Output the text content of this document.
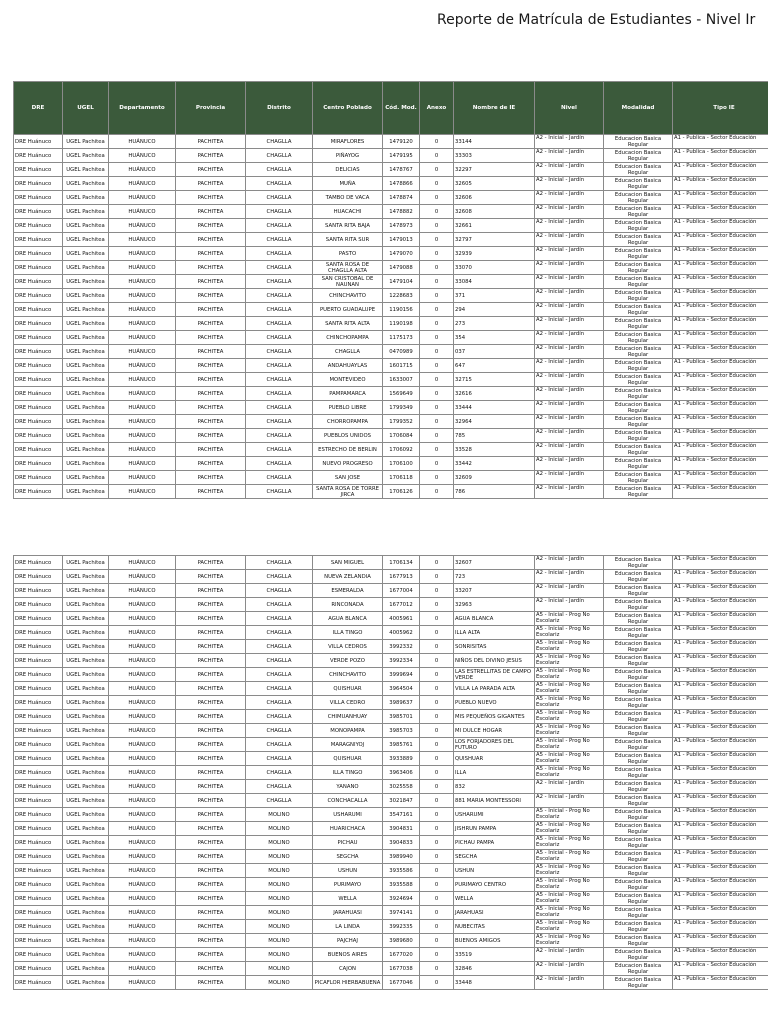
Reporte de Matrícula de Estudiantes - Nivel Ir
DRE	UGEL	Departamento	Provincia	Distrito	Centro Poblado	Cód. Mod.	Anexo	Nombre de IE	Nivel	Modalidad	Tipo IE
DRE Huánuco	UGEL Pachitea	HUÁNUCO	PACHITEA	CHAGLLA	MIRAFLORES	1479120	0	33144	A2 - Inicial - Jardín	Educacion Basica Regular	A1 - Publica - Sector Educación
DRE Huánuco	UGEL Pachitea	HUÁNUCO	PACHITEA	CHAGLLA	PIÑAYOG	1479195	0	33303	A2 - Inicial - Jardín	Educacion Basica Regular	A1 - Publica - Sector Educación
DRE Huánuco	UGEL Pachitea	HUÁNUCO	PACHITEA	CHAGLLA	DELICIAS	1478767	0	32297	A2 - Inicial - Jardín	Educacion Basica Regular	A1 - Publica - Sector Educación
DRE Huánuco	UGEL Pachitea	HUÁNUCO	PACHITEA	CHAGLLA	MUÑA	1478866	0	32605	A2 - Inicial - Jardín	Educacion Basica Regular	A1 - Publica - Sector Educación
DRE Huánuco	UGEL Pachitea	HUÁNUCO	PACHITEA	CHAGLLA	TAMBO DE VACA	1478874	0	32606	A2 - Inicial - Jardín	Educacion Basica Regular	A1 - Publica - Sector Educación
DRE Huánuco	UGEL Pachitea	HUÁNUCO	PACHITEA	CHAGLLA	HUACACHI	1478882	0	32608	A2 - Inicial - Jardín	Educacion Basica Regular	A1 - Publica - Sector Educación
DRE Huánuco	UGEL Pachitea	HUÁNUCO	PACHITEA	CHAGLLA	SANTA RITA BAJA	1478973	0	32661	A2 - Inicial - Jardín	Educacion Basica Regular	A1 - Publica - Sector Educación
DRE Huánuco	UGEL Pachitea	HUÁNUCO	PACHITEA	CHAGLLA	SANTA RITA SUR	1479013	0	32797	A2 - Inicial - Jardín	Educacion Basica Regular	A1 - Publica - Sector Educación
DRE Huánuco	UGEL Pachitea	HUÁNUCO	PACHITEA	CHAGLLA	PASTO	1479070	0	32939	A2 - Inicial - Jardín	Educacion Basica Regular	A1 - Publica - Sector Educación
DRE Huánuco	UGEL Pachitea	HUÁNUCO	PACHITEA	CHAGLLA	SANTA ROSA DE CHAGLLA ALTA	1479088	0	33070	A2 - Inicial - Jardín	Educacion Basica Regular	A1 - Publica - Sector Educación
DRE Huánuco	UGEL Pachitea	HUÁNUCO	PACHITEA	CHAGLLA	SAN CRISTOBAL DE NAUNAN	1479104	0	33084	A2 - Inicial - Jardín	Educacion Basica Regular	A1 - Publica - Sector Educación
DRE Huánuco	UGEL Pachitea	HUÁNUCO	PACHITEA	CHAGLLA	CHINCHAVITO	1228683	0	371	A2 - Inicial - Jardín	Educacion Basica Regular	A1 - Publica - Sector Educación
DRE Huánuco	UGEL Pachitea	HUÁNUCO	PACHITEA	CHAGLLA	PUERTO GUADALUPE	1190156	0	294	A2 - Inicial - Jardín	Educacion Basica Regular	A1 - Publica - Sector Educación
DRE Huánuco	UGEL Pachitea	HUÁNUCO	PACHITEA	CHAGLLA	SANTA RITA ALTA	1190198	0	273	A2 - Inicial - Jardín	Educacion Basica Regular	A1 - Publica - Sector Educación
DRE Huánuco	UGEL Pachitea	HUÁNUCO	PACHITEA	CHAGLLA	CHINCHOPAMPA	1175173	0	354	A2 - Inicial - Jardín	Educacion Basica Regular	A1 - Publica - Sector Educación
DRE Huánuco	UGEL Pachitea	HUÁNUCO	PACHITEA	CHAGLLA	CHAGLLA	0470989	0	037	A2 - Inicial - Jardín	Educacion Basica Regular	A1 - Publica - Sector Educación
DRE Huánuco	UGEL Pachitea	HUÁNUCO	PACHITEA	CHAGLLA	ANDAHUAYLAS	1601715	0	647	A2 - Inicial - Jardín	Educacion Basica Regular	A1 - Publica - Sector Educación
DRE Huánuco	UGEL Pachitea	HUÁNUCO	PACHITEA	CHAGLLA	MONTEVIDEO	1633007	0	32715	A2 - Inicial - Jardín	Educacion Basica Regular	A1 - Publica - Sector Educación
DRE Huánuco	UGEL Pachitea	HUÁNUCO	PACHITEA	CHAGLLA	PAMPAMARCA	1569649	0	32616	A2 - Inicial - Jardín	Educacion Basica Regular	A1 - Publica - Sector Educación
DRE Huánuco	UGEL Pachitea	HUÁNUCO	PACHITEA	CHAGLLA	PUEBLO LIBRE	1799349	0	33444	A2 - Inicial - Jardín	Educacion Basica Regular	A1 - Publica - Sector Educación
DRE Huánuco	UGEL Pachitea	HUÁNUCO	PACHITEA	CHAGLLA	CHORROPAMPA	1799352	0	32964	A2 - Inicial - Jardín	Educacion Basica Regular	A1 - Publica - Sector Educación
DRE Huánuco	UGEL Pachitea	HUÁNUCO	PACHITEA	CHAGLLA	PUEBLOS UNIDOS	1706084	0	785	A2 - Inicial - Jardín	Educacion Basica Regular	A1 - Publica - Sector Educación
DRE Huánuco	UGEL Pachitea	HUÁNUCO	PACHITEA	CHAGLLA	ESTRECHO DE BERLIN	1706092	0	33528	A2 - Inicial - Jardín	Educacion Basica Regular	A1 - Publica - Sector Educación
DRE Huánuco	UGEL Pachitea	HUÁNUCO	PACHITEA	CHAGLLA	NUEVO PROGRESO	1706100	0	33442	A2 - Inicial - Jardín	Educacion Basica Regular	A1 - Publica - Sector Educación
DRE Huánuco	UGEL Pachitea	HUÁNUCO	PACHITEA	CHAGLLA	SAN JOSE	1706118	0	32609	A2 - Inicial - Jardín	Educacion Basica Regular	A1 - Publica - Sector Educación
DRE Huánuco	UGEL Pachitea	HUÁNUCO	PACHITEA	CHAGLLA	SANTA ROSA DE TORRE JIRCA	1706126	0	786	A2 - Inicial - Jardín	Educacion Basica Regular	A1 - Publica - Sector Educación
DRE Huánuco	UGEL Pachitea	HUÁNUCO	PACHITEA	CHAGLLA	SAN MIGUEL	1706134	0	32607	A2 - Inicial - Jardín	Educacion Basica Regular	A1 - Publica - Sector Educación
DRE Huánuco	UGEL Pachitea	HUÁNUCO	PACHITEA	CHAGLLA	NUEVA ZELANDIA	1677913	0	723	A2 - Inicial - Jardín	Educacion Basica Regular	A1 - Publica - Sector Educación
DRE Huánuco	UGEL Pachitea	HUÁNUCO	PACHITEA	CHAGLLA	ESMERALDA	1677004	0	33207	A2 - Inicial - Jardín	Educacion Basica Regular	A1 - Publica - Sector Educación
DRE Huánuco	UGEL Pachitea	HUÁNUCO	PACHITEA	CHAGLLA	RINCONADA	1677012	0	32963	A2 - Inicial - Jardín	Educacion Basica Regular	A1 - Publica - Sector Educación
DRE Huánuco	UGEL Pachitea	HUÁNUCO	PACHITEA	CHAGLLA	AGUA BLANCA	4005961	0	AGUA BLANCA	A5 - Inicial - Prog No Escolariz	Educacion Basica Regular	A1 - Publica - Sector Educación
DRE Huánuco	UGEL Pachitea	HUÁNUCO	PACHITEA	CHAGLLA	ILLA TINGO	4005962	0	ILLA ALTA	A5 - Inicial - Prog No Escolariz	Educacion Basica Regular	A1 - Publica - Sector Educación
DRE Huánuco	UGEL Pachitea	HUÁNUCO	PACHITEA	CHAGLLA	VILLA CEDROS	3992332	0	SONRISITAS	A5 - Inicial - Prog No Escolariz	Educacion Basica Regular	A1 - Publica - Sector Educación
DRE Huánuco	UGEL Pachitea	HUÁNUCO	PACHITEA	CHAGLLA	VERDE POZO	3992334	0	NIÑOS DEL DIVINO JESUS	A5 - Inicial - Prog No Escolariz	Educacion Basica Regular	A1 - Publica - Sector Educación
DRE Huánuco	UGEL Pachitea	HUÁNUCO	PACHITEA	CHAGLLA	CHINCHAVITO	3999694	0	LAS ESTRELLITAS DE CAMPO VERDE	A5 - Inicial - Prog No Escolariz	Educacion Basica Regular	A1 - Publica - Sector Educación
DRE Huánuco	UGEL Pachitea	HUÁNUCO	PACHITEA	CHAGLLA	QUISHUAR	3964504	0	VILLA LA PARADA ALTA	A5 - Inicial - Prog No Escolariz	Educacion Basica Regular	A1 - Publica - Sector Educación
DRE Huánuco	UGEL Pachitea	HUÁNUCO	PACHITEA	CHAGLLA	VILLA CEDRO	3989637	0	PUEBLO NUEVO	A5 - Inicial - Prog No Escolariz	Educacion Basica Regular	A1 - Publica - Sector Educación
DRE Huánuco	UGEL Pachitea	HUÁNUCO	PACHITEA	CHAGLLA	CHIMUANHUAY	3985701	0	MIS PEQUEÑOS GIGANTES	A5 - Inicial - Prog No Escolariz	Educacion Basica Regular	A1 - Publica - Sector Educación
DRE Huánuco	UGEL Pachitea	HUÁNUCO	PACHITEA	CHAGLLA	MONOPAMPA	3985703	0	MI DULCE HOGAR	A5 - Inicial - Prog No Escolariz	Educacion Basica Regular	A1 - Publica - Sector Educación
DRE Huánuco	UGEL Pachitea	HUÁNUCO	PACHITEA	CHAGLLA	MARAGNIYOJ	3985761	0	LOS FORJADORES DEL FUTURO	A5 - Inicial - Prog No Escolariz	Educacion Basica Regular	A1 - Publica - Sector Educación
DRE Huánuco	UGEL Pachitea	HUÁNUCO	PACHITEA	CHAGLLA	QUISHUAR	3933889	0	QUISHUAR	A5 - Inicial - Prog No Escolariz	Educacion Basica Regular	A1 - Publica - Sector Educación
DRE Huánuco	UGEL Pachitea	HUÁNUCO	PACHITEA	CHAGLLA	ILLA TINGO	3963406	0	ILLA	A5 - Inicial - Prog No Escolariz	Educacion Basica Regular	A1 - Publica - Sector Educación
DRE Huánuco	UGEL Pachitea	HUÁNUCO	PACHITEA	CHAGLLA	YANANO	3025558	0	832	A2 - Inicial - Jardín	Educacion Basica Regular	A1 - Publica - Sector Educación
DRE Huánuco	UGEL Pachitea	HUÁNUCO	PACHITEA	CHAGLLA	CONCHACALLA	3021847	0	881 MARIA MONTESSORI	A2 - Inicial - Jardín	Educacion Basica Regular	A1 - Publica - Sector Educación
DRE Huánuco	UGEL Pachitea	HUÁNUCO	PACHITEA	MOLINO	USHARUMI	3547161	0	USHARUMI	A5 - Inicial - Prog No Escolariz	Educacion Basica Regular	A1 - Publica - Sector Educación
DRE Huánuco	UGEL Pachitea	HUÁNUCO	PACHITEA	MOLINO	HUARICHACA	3904831	0	JISHRUN PAMPA	A5 - Inicial - Prog No Escolariz	Educacion Basica Regular	A1 - Publica - Sector Educación
DRE Huánuco	UGEL Pachitea	HUÁNUCO	PACHITEA	MOLINO	PICHAU	3904833	0	PICHAU PAMPA	A5 - Inicial - Prog No Escolariz	Educacion Basica Regular	A1 - Publica - Sector Educación
DRE Huánuco	UGEL Pachitea	HUÁNUCO	PACHITEA	MOLINO	SEGCHA	3989940	0	SEGCHA	A5 - Inicial - Prog No Escolariz	Educacion Basica Regular	A1 - Publica - Sector Educación
DRE Huánuco	UGEL Pachitea	HUÁNUCO	PACHITEA	MOLINO	USHUN	3935586	0	USHUN	A5 - Inicial - Prog No Escolariz	Educacion Basica Regular	A1 - Publica - Sector Educación
DRE Huánuco	UGEL Pachitea	HUÁNUCO	PACHITEA	MOLINO	PURIMAYO	3935588	0	PURIMAYO CENTRO	A5 - Inicial - Prog No Escolariz	Educacion Basica Regular	A1 - Publica - Sector Educación
DRE Huánuco	UGEL Pachitea	HUÁNUCO	PACHITEA	MOLINO	WELLA	3924694	0	WELLA	A5 - Inicial - Prog No Escolariz	Educacion Basica Regular	A1 - Publica - Sector Educación
DRE Huánuco	UGEL Pachitea	HUÁNUCO	PACHITEA	MOLINO	JARAHUASI	3974141	0	JARAHUASI	A5 - Inicial - Prog No Escolariz	Educacion Basica Regular	A1 - Publica - Sector Educación
DRE Huánuco	UGEL Pachitea	HUÁNUCO	PACHITEA	MOLINO	LA LINDA	3992335	0	NUBECITAS	A5 - Inicial - Prog No Escolariz	Educacion Basica Regular	A1 - Publica - Sector Educación
DRE Huánuco	UGEL Pachitea	HUÁNUCO	PACHITEA	MOLINO	PAJCHAJ	3989680	0	BUENOS AMIGOS	A5 - Inicial - Prog No Escolariz	Educacion Basica Regular	A1 - Publica - Sector Educación
DRE Huánuco	UGEL Pachitea	HUÁNUCO	PACHITEA	MOLINO	BUENOS AIRES	1677020	0	33519	A2 - Inicial - Jardín	Educacion Basica Regular	A1 - Publica - Sector Educación
DRE Huánuco	UGEL Pachitea	HUÁNUCO	PACHITEA	MOLINO	CAJON	1677038	0	32846	A2 - Inicial - Jardín	Educacion Basica Regular	A1 - Publica - Sector Educación
DRE Huánuco	UGEL Pachitea	HUÁNUCO	PACHITEA	MOLINO	PICAFLOR HIERBABUENA	1677046	0	33448	A2 - Inicial - Jardín	Educacion Basica Regular	A1 - Publica - Sector Educación
